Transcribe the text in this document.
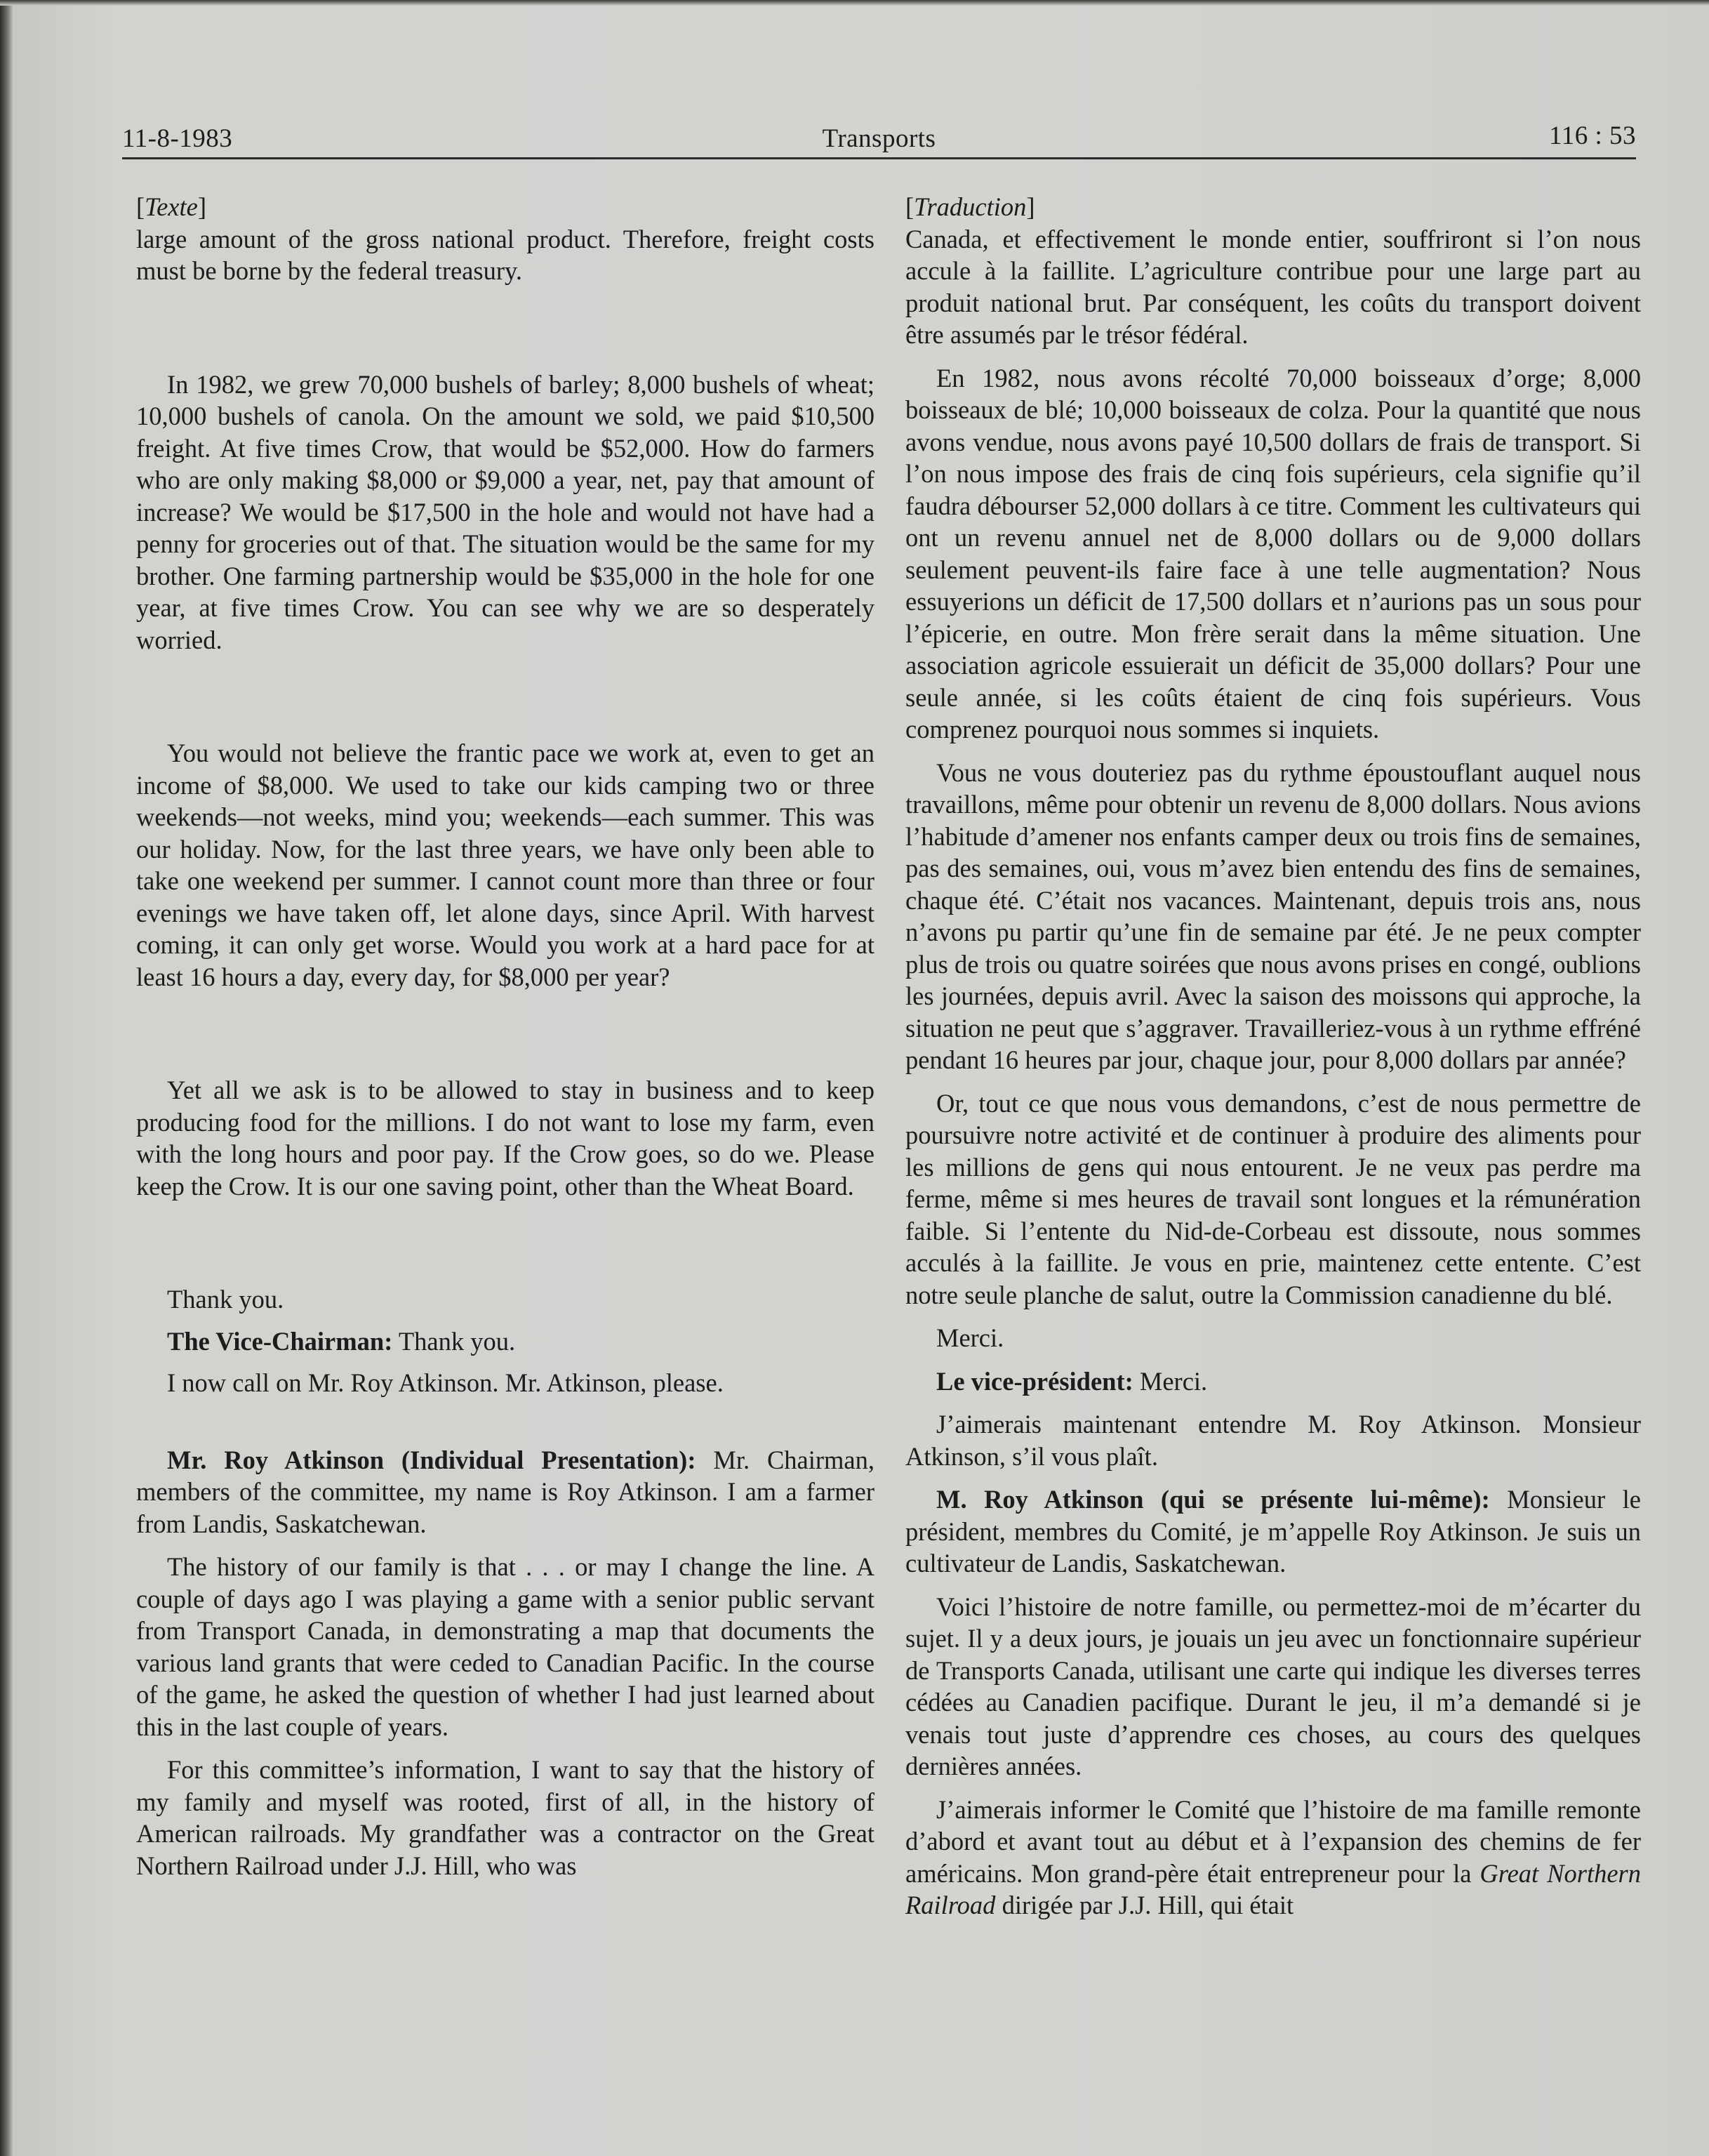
11-8-1983	Transports	116 : 53

[Texte]

large amount of the gross national product. Therefore, freight costs must be borne by the federal treasury.

In 1982, we grew 70,000 bushels of barley; 8,000 bushels of wheat; 10,000 bushels of canola. On the amount we sold, we paid $10,500 freight. At five times Crow, that would be $52,000. How do farmers who are only making $8,000 or $9,000 a year, net, pay that amount of increase? We would be $17,500 in the hole and would not have had a penny for groceries out of that. The situation would be the same for my brother. One farming partnership would be $35,000 in the hole for one year, at five times Crow. You can see why we are so desperately worried.

You would not believe the frantic pace we work at, even to get an income of $8,000. We used to take our kids camping two or three weekends—not weeks, mind you; weekends—each summer. This was our holiday. Now, for the last three years, we have only been able to take one weekend per summer. I cannot count more than three or four evenings we have taken off, let alone days, since April. With harvest coming, it can only get worse. Would you work at a hard pace for at least 16 hours a day, every day, for $8,000 per year?

Yet all we ask is to be allowed to stay in business and to keep producing food for the millions. I do not want to lose my farm, even with the long hours and poor pay. If the Crow goes, so do we. Please keep the Crow. It is our one saving point, other than the Wheat Board.

Thank you.

The Vice-Chairman: Thank you.

I now call on Mr. Roy Atkinson. Mr. Atkinson, please.

Mr. Roy Atkinson (Individual Presentation): Mr. Chairman, members of the committee, my name is Roy Atkinson. I am a farmer from Landis, Saskatchewan.

The history of our family is that . . . or may I change the line. A couple of days ago I was playing a game with a senior public servant from Transport Canada, in demonstrating a map that documents the various land grants that were ceded to Canadian Pacific. In the course of the game, he asked the question of whether I had just learned about this in the last couple of years.

For this committee’s information, I want to say that the history of my family and myself was rooted, first of all, in the history of American railroads. My grandfather was a contractor on the Great Northern Railroad under J.J. Hill, who was

[Traduction]

Canada, et effectivement le monde entier, souffriront si l’on nous accule à la faillite. L’agriculture contribue pour une large part au produit national brut. Par conséquent, les coûts du transport doivent être assumés par le trésor fédéral.

En 1982, nous avons récolté 70,000 boisseaux d’orge; 8,000 boisseaux de blé; 10,000 boisseaux de colza. Pour la quantité que nous avons vendue, nous avons payé 10,500 dollars de frais de transport. Si l’on nous impose des frais de cinq fois supérieurs, cela signifie qu’il faudra débourser 52,000 dollars à ce titre. Comment les cultivateurs qui ont un revenu annuel net de 8,000 dollars ou de 9,000 dollars seulement peuvent-ils faire face à une telle augmentation? Nous essuyerions un déficit de 17,500 dollars et n’aurions pas un sous pour l’épicerie, en outre. Mon frère serait dans la même situation. Une association agricole essuierait un déficit de 35,000 dollars? Pour une seule année, si les coûts étaient de cinq fois supérieurs. Vous comprenez pourquoi nous sommes si inquiets.

Vous ne vous douteriez pas du rythme époustouflant auquel nous travaillons, même pour obtenir un revenu de 8,000 dollars. Nous avions l’habitude d’amener nos enfants camper deux ou trois fins de semaines, pas des semaines, oui, vous m’avez bien entendu des fins de semaines, chaque été. C’était nos vacances. Maintenant, depuis trois ans, nous n’avons pu partir qu’une fin de semaine par été. Je ne peux compter plus de trois ou quatre soirées que nous avons prises en congé, oublions les journées, depuis avril. Avec la saison des moissons qui approche, la situation ne peut que s’aggraver. Travailleriez-vous à un rythme effréné pendant 16 heures par jour, chaque jour, pour 8,000 dollars par année?

Or, tout ce que nous vous demandons, c’est de nous permettre de poursuivre notre activité et de continuer à produire des aliments pour les millions de gens qui nous entourent. Je ne veux pas perdre ma ferme, même si mes heures de travail sont longues et la rémunération faible. Si l’entente du Nid-de-Corbeau est dissoute, nous sommes acculés à la faillite. Je vous en prie, maintenez cette entente. C’est notre seule planche de salut, outre la Commission canadienne du blé.

Merci.

Le vice-président: Merci.

J’aimerais maintenant entendre M. Roy Atkinson. Monsieur Atkinson, s’il vous plaît.

M. Roy Atkinson (qui se présente lui-même): Monsieur le président, membres du Comité, je m’appelle Roy Atkinson. Je suis un cultivateur de Landis, Saskatchewan.

Voici l’histoire de notre famille, ou permettez-moi de m’écarter du sujet. Il y a deux jours, je jouais un jeu avec un fonctionnaire supérieur de Transports Canada, utilisant une carte qui indique les diverses terres cédées au Canadien pacifique. Durant le jeu, il m’a demandé si je venais tout juste d’apprendre ces choses, au cours des quelques dernières années.

J’aimerais informer le Comité que l’histoire de ma famille remonte d’abord et avant tout au début et à l’expansion des chemins de fer américains. Mon grand-père était entrepreneur pour la Great Northern Railroad dirigée par J.J. Hill, qui était
